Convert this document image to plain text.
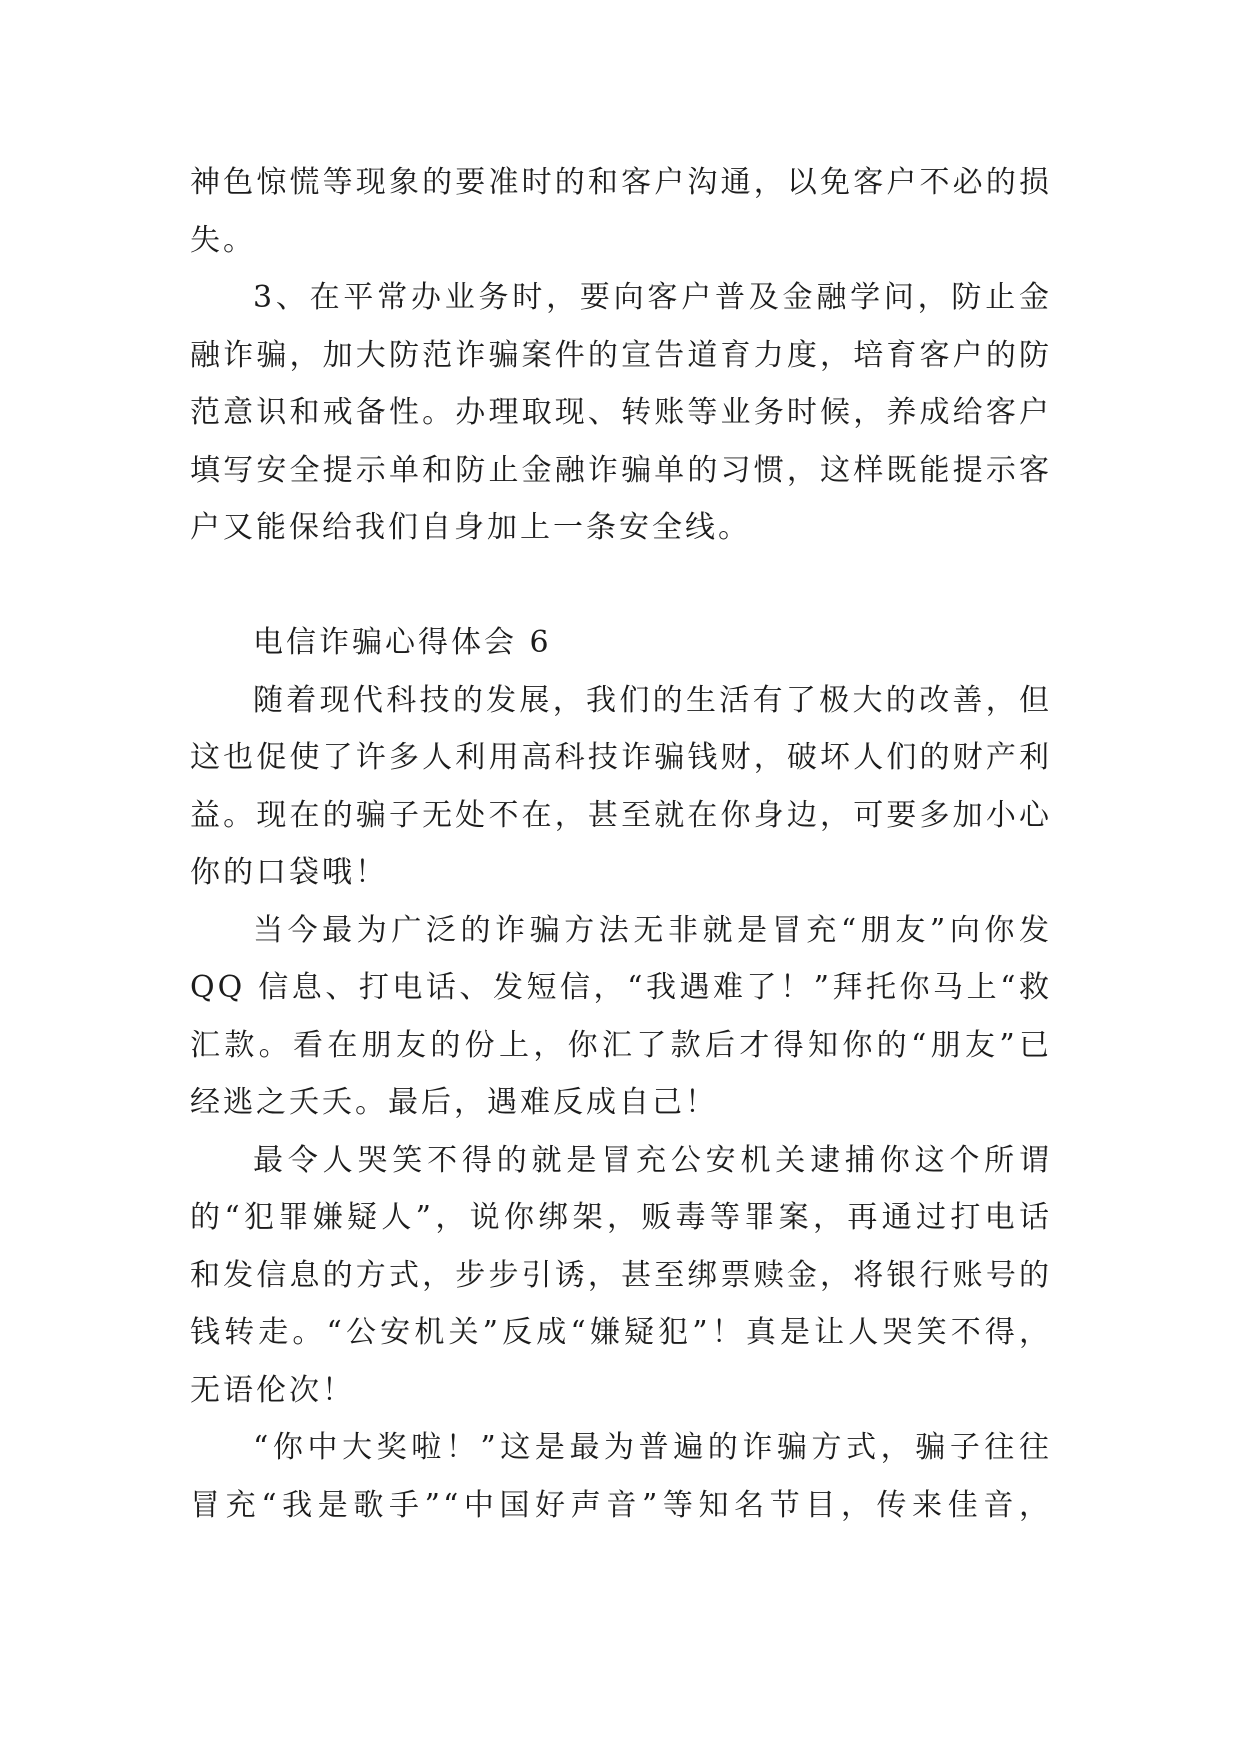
神色惊慌等现象的要准时的和客户沟通，以免客户不必的损
失。
3、在平常办业务时，要向客户普及金融学问，防止金
融诈骗，加大防范诈骗案件的宣告道育力度，培育客户的防
范意识和戒备性。办理取现、转账等业务时候，养成给客户
填写安全提示单和防止金融诈骗单的习惯，这样既能提示客
户又能保给我们自身加上一条安全线。
电信诈骗心得体会 6
随着现代科技的发展，我们的生活有了极大的改善，但
这也促使了许多人利用高科技诈骗钱财，破坏人们的财产利
益。现在的骗子无处不在，甚至就在你身边，可要多加小心
你的口袋哦！
当今最为广泛的诈骗方法无非就是冒充“朋友”向你发
QQ 信息、打电话、发短信，“我遇难了！”拜托你马上“救
汇款。看在朋友的份上，你汇了款后才得知你的“朋友”已
经逃之夭夭。最后，遇难反成自己！
最令人哭笑不得的就是冒充公安机关逮捕你这个所谓
的“犯罪嫌疑人”，说你绑架，贩毒等罪案，再通过打电话
和发信息的方式，步步引诱，甚至绑票赎金，将银行账号的
钱转走。“公安机关”反成“嫌疑犯”！真是让人哭笑不得，
无语伦次！
“你中大奖啦！”这是最为普遍的诈骗方式，骗子往往
冒充“我是歌手”“中国好声音”等知名节目，传来佳音，
